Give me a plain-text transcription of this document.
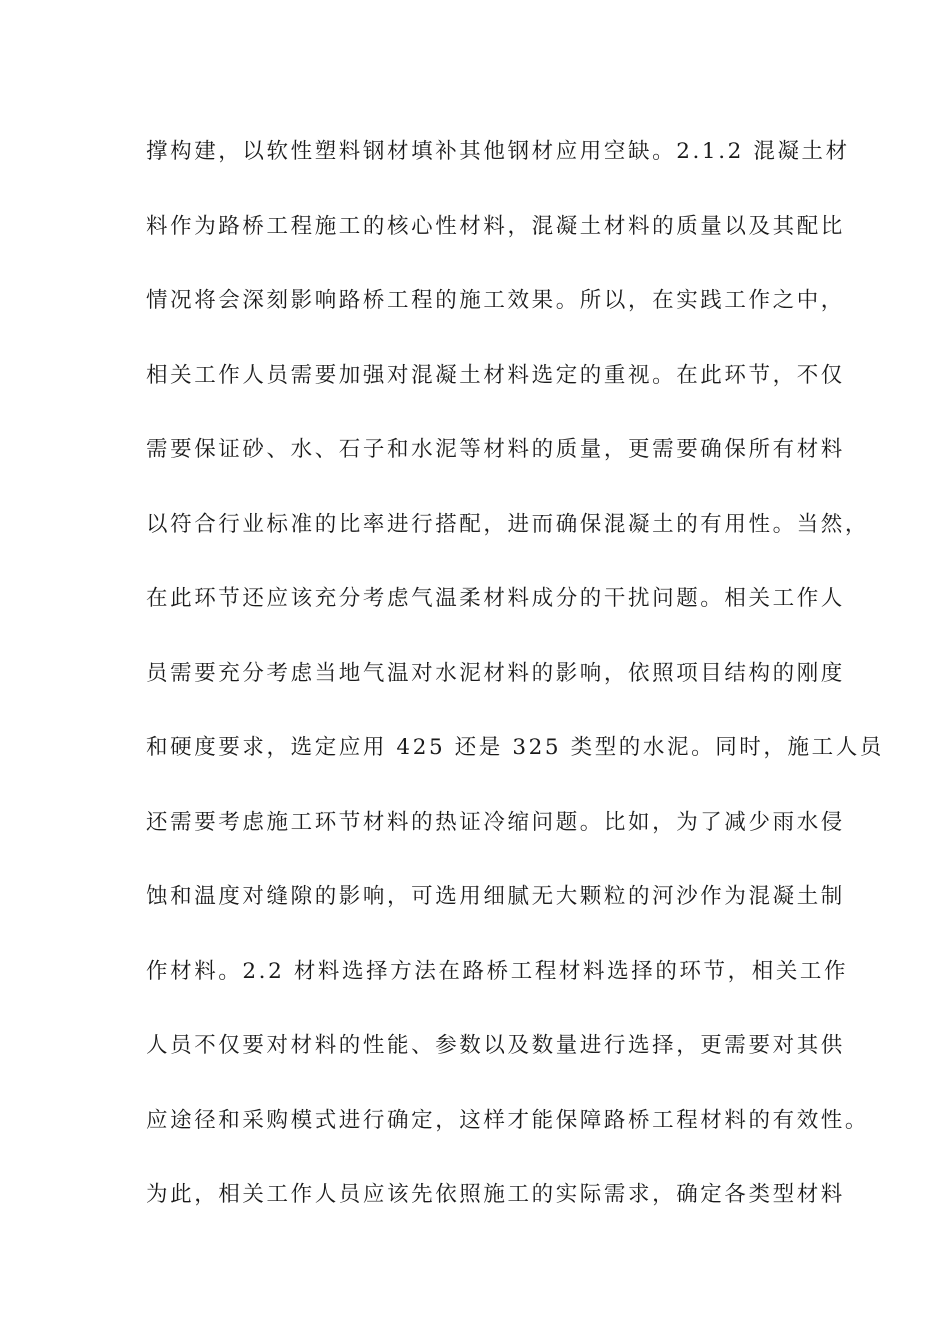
撑构建，以软性塑料钢材填补其他钢材应用空缺。2.1.2 混凝土材
料作为路桥工程施工的核心性材料，混凝土材料的质量以及其配比
情况将会深刻影响路桥工程的施工效果。所以，在实践工作之中，
相关工作人员需要加强对混凝土材料选定的重视。在此环节，不仅
需要保证砂、水、石子和水泥等材料的质量，更需要确保所有材料
以符合行业标准的比率进行搭配，进而确保混凝土的有用性。当然，
在此环节还应该充分考虑气温柔材料成分的干扰问题。相关工作人
员需要充分考虑当地气温对水泥材料的影响，依照项目结构的刚度
和硬度要求，选定应用 425 还是 325 类型的水泥。同时，施工人员
还需要考虑施工环节材料的热证冷缩问题。比如，为了减少雨水侵
蚀和温度对缝隙的影响，可选用细腻无大颗粒的河沙作为混凝土制
作材料。2.2 材料选择方法在路桥工程材料选择的环节，相关工作
人员不仅要对材料的性能、参数以及数量进行选择，更需要对其供
应途径和采购模式进行确定，这样才能保障路桥工程材料的有效性。
为此，相关工作人员应该先依照施工的实际需求，确定各类型材料
